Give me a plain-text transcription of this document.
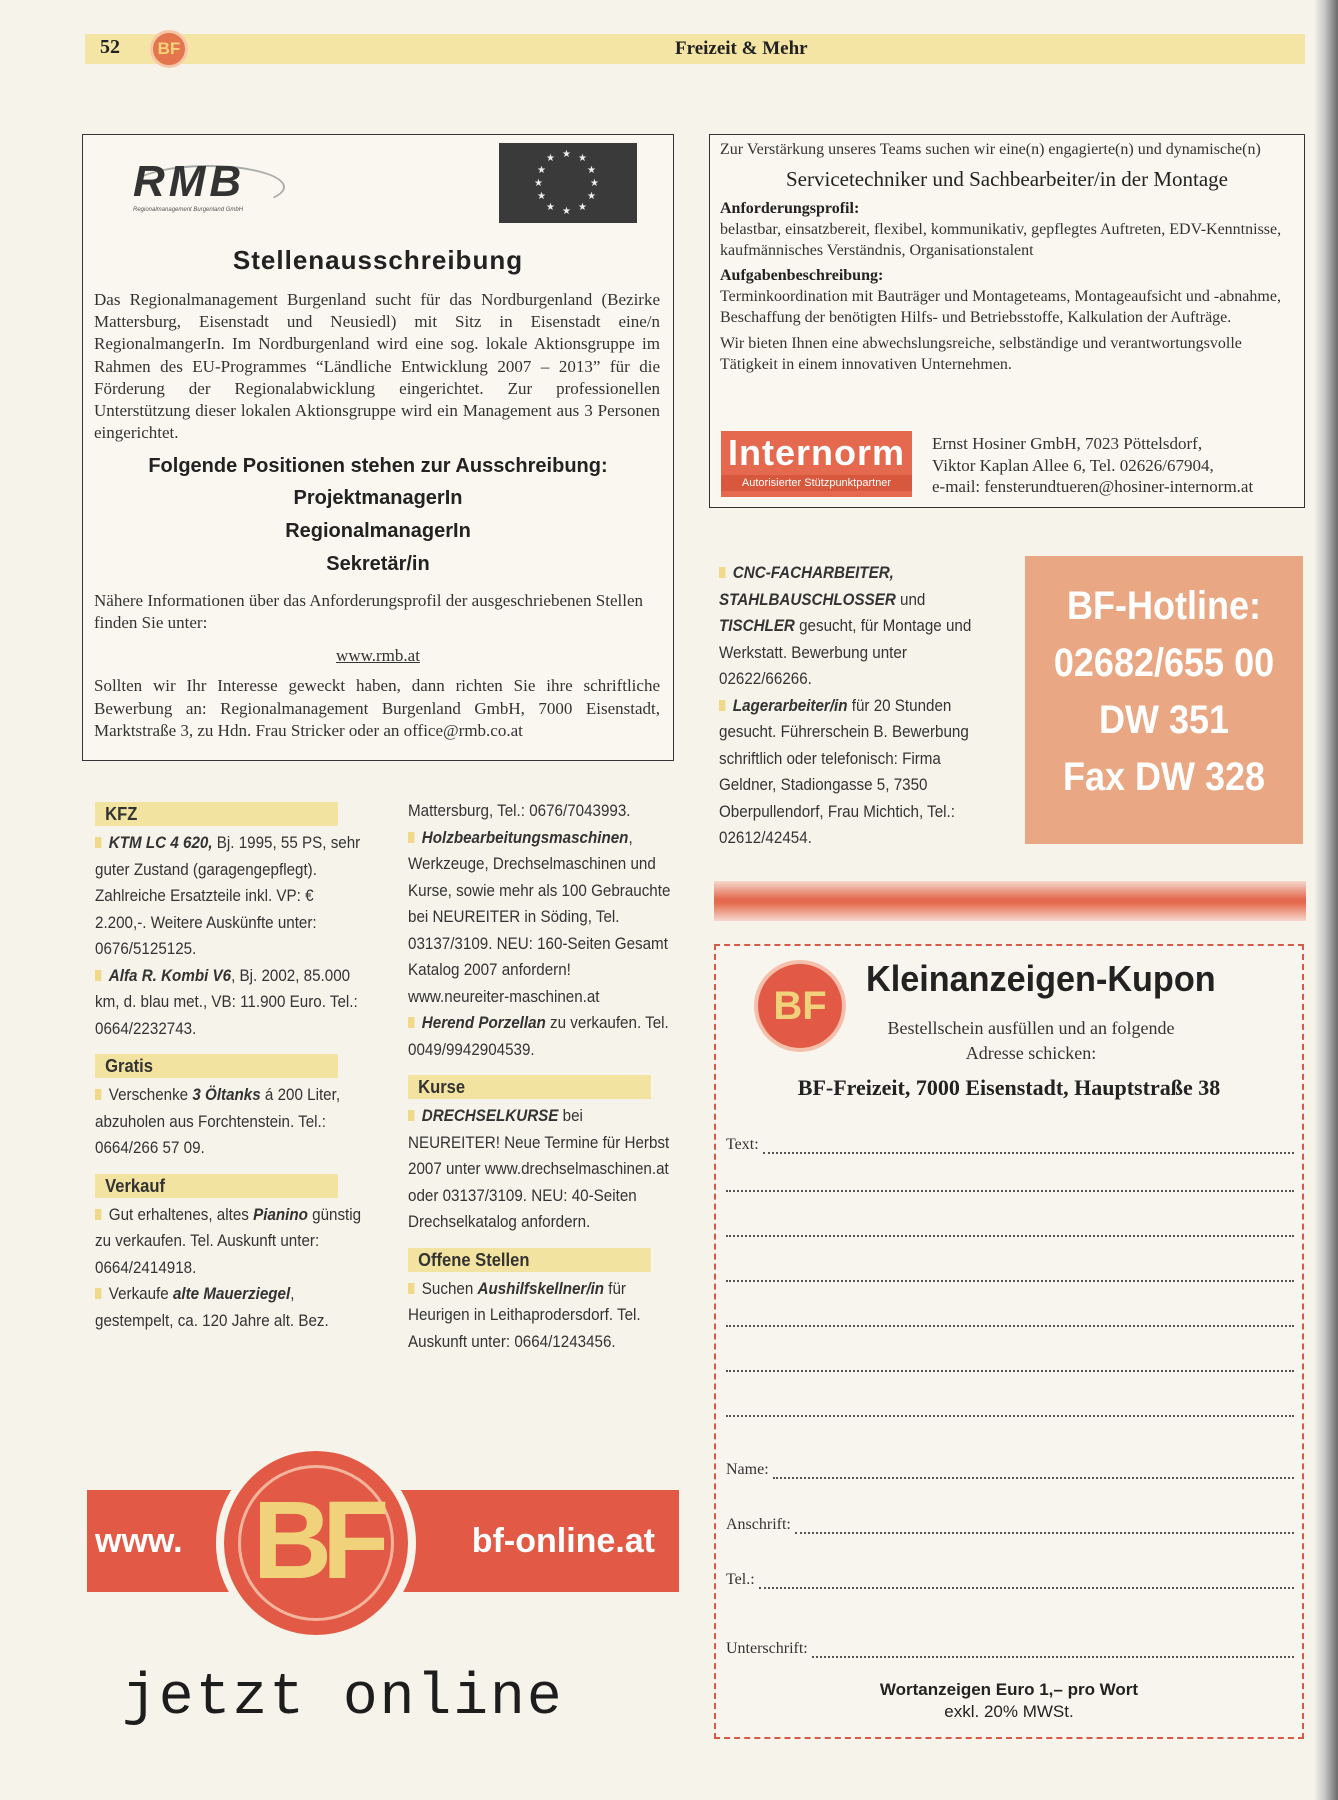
52	BF	Freizeit & Mehr
RMB
Regionalmanagement Burgenland GmbH
★ ★
★
★
★
★
★
★
★
★
★
★
Stellenausschreibung
Das Regionalmanagement Burgenland sucht für das Nordburgenland (Bezirke Mattersburg, Eisenstadt und Neusiedl) mit Sitz in Eisenstadt eine/n RegionalmangerIn. Im Nordburgenland wird eine sog. lokale Aktionsgruppe im Rahmen des EU-Programmes “Ländliche Entwicklung 2007 – 2013” für die Förderung der Regionalabwicklung eingerichtet. Zur professionellen Unterstützung dieser lokalen Aktionsgruppe wird ein Management aus 3 Personen eingerichtet.
Folgende Positionen stehen zur Ausschreibung:
ProjektmanagerIn
RegionalmanagerIn
Sekretär/in
Nähere Informationen über das Anforderungsprofil der ausgeschriebenen Stellen finden Sie unter:
www.rmb.at
Sollten wir Ihr Interesse geweckt haben, dann richten Sie ihre schriftliche Bewerbung an: Regionalmanagement Burgenland GmbH, 7000 Eisenstadt, Marktstraße 3, zu Hdn. Frau Stricker oder an office@rmb.co.at
Zur Verstärkung unseres Teams suchen wir eine(n) engagierte(n) und dynamische(n)
Servicetechniker und Sachbearbeiter/in der Montage
Anforderungsprofil:
belastbar, einsatzbereit, flexibel, kommunikativ, gepflegtes Auftreten, EDV-Kenntnisse, kaufmännisches Verständnis, Organisationstalent
Aufgabenbeschreibung:
Terminkoordination mit Bauträger und Montageteams, Montageaufsicht und -abnahme, Beschaffung der benötigten Hilfs- und Betriebsstoffe, Kalkulation der Aufträge.
Wir bieten Ihnen eine abwechslungsreiche, selbständige und verantwortungsvolle Tätigkeit in einem innovativen Unternehmen.
Internorm
Autorisierter Stützpunktpartner
Ernst Hosiner GmbH, 7023 Pöttelsdorf,
Viktor Kaplan Allee 6, Tel. 02626/67904,
e-mail: fensterundtueren@hosiner-internorm.at
CNC-FACHARBEITER,
STAHLBAUSCHLOSSER und TISCHLER gesucht, für Montage und Werkstatt. Bewerbung unter 02622/66266.
Lagerarbeiter/in für 20 Stunden gesucht. Führerschein B. Bewerbung schriftlich oder telefonisch: Firma Geldner, Stadiongasse 5, 7350 Oberpullendorf, Frau Michtich, Tel.: 02612/42454.
BF-Hotline:
02682/655 00
DW 351
Fax DW 328
KFZ
KTM LC 4 620, Bj. 1995, 55 PS, sehr guter Zustand (garagengepflegt). Zahlreiche Ersatzteile inkl. VP: € 2.200,-. Weitere Auskünfte unter: 0676/5125125.
Alfa R. Kombi V6, Bj. 2002, 85.000 km, d. blau met., VB: 11.900 Euro. Tel.: 0664/2232743.
Gratis
Verschenke 3 Öltanks á 200 Liter, abzuholen aus Forchtenstein. Tel.: 0664/266 57 09.
Verkauf
Gut erhaltenes, altes Pianino günstig zu verkaufen. Tel. Auskunft unter: 0664/2414918.
Verkaufe alte Mauerziegel, gestempelt, ca. 120 Jahre alt. Bez.
Mattersburg, Tel.: 0676/7043993.
Holzbearbeitungsmaschinen, Werkzeuge, Drechselmaschinen und Kurse, sowie mehr als 100 Gebrauchte bei NEUREITER in Söding, Tel. 03137/3109. NEU: 160-Seiten Gesamt Katalog 2007 anfordern! www.neureiter-maschinen.at
Herend Porzellan zu verkaufen. Tel. 0049/9942904539.
Kurse
DRECHSELKURSE bei NEUREITER! Neue Termine für Herbst 2007 unter www.drechselmaschinen.at oder 03137/3109. NEU: 40-Seiten Drechselkatalog anfordern.
Offene Stellen
Suchen Aushilfskellner/in für Heurigen in Leithaprodersdorf. Tel. Auskunft unter: 0664/1243456.
www.	bf-online.at
BF
jetzt online
BF
Kleinanzeigen-Kupon
Bestellschein ausfüllen und an folgende Adresse schicken:
BF-Freizeit, 7000 Eisenstadt, Hauptstraße 38
Text:
Name:
Anschrift:
Tel.:
Unterschrift:
Wortanzeigen Euro 1,– pro Wort
exkl. 20% MWSt.
